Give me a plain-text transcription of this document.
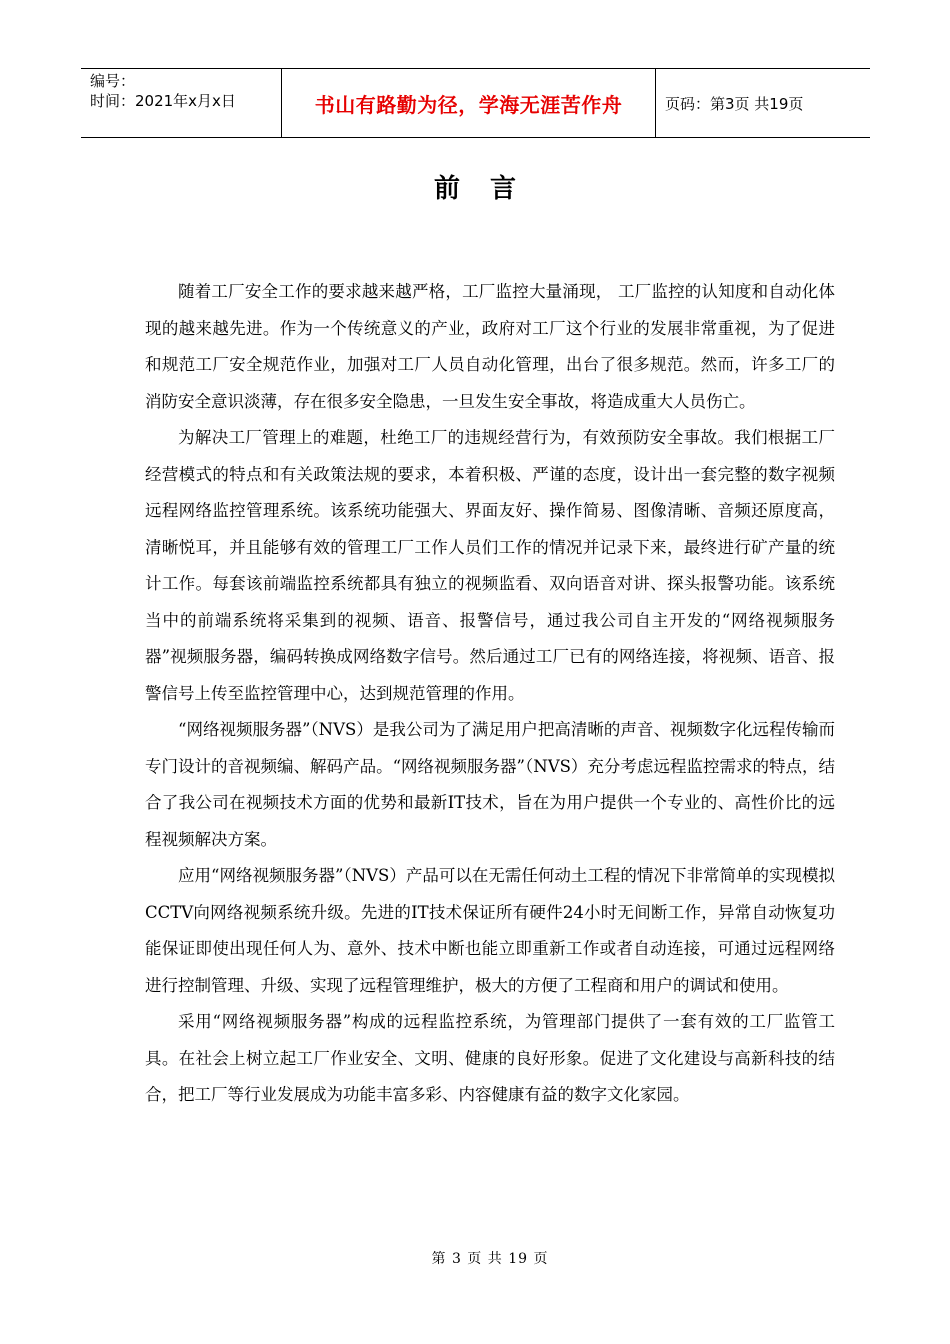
编号：
时间：2021年x月x日	书山有路勤为径，学海无涯苦作舟	页码：第3页 共19页
前言

随着工厂安全工作的要求越来越严格，工厂监控大量涌现， 工厂监控的认知度和自动化体现的越来越先进。作为一个传统意义的产业，政府对工厂这个行业的发展非常重视，为了促进和规范工厂安全规范作业，加强对工厂人员自动化管理，出台了很多规范。然而，许多工厂的消防安全意识淡薄，存在很多安全隐患，一旦发生安全事故，将造成重大人员伤亡。

为解决工厂管理上的难题，杜绝工厂的违规经营行为，有效预防安全事故。我们根据工厂经营模式的特点和有关政策法规的要求，本着积极、严谨的态度，设计出一套完整的数字视频远程网络监控管理系统。该系统功能强大、界面友好、操作简易、图像清晰、音频还原度高，清晰悦耳，并且能够有效的管理工厂工作人员们工作的情况并记录下来，最终进行矿产量的统计工作。每套该前端监控系统都具有独立的视频监看、双向语音对讲、探头报警功能。该系统当中的前端系统将采集到的视频、语音、报警信号，通过我公司自主开发的“网络视频服务器”视频服务器，编码转换成网络数字信号。然后通过工厂已有的网络连接，将视频、语音、报警信号上传至监控管理中心，达到规范管理的作用。

“网络视频服务器”（NVS）是我公司为了满足用户把高清晰的声音、视频数字化远程传输而专门设计的音视频编、解码产品。“网络视频服务器”（NVS）充分考虑远程监控需求的特点，结合了我公司在视频技术方面的优势和最新IT技术，旨在为用户提供一个专业的、高性价比的远程视频解决方案。

应用“网络视频服务器”（NVS）产品可以在无需任何动土工程的情况下非常简单的实现模拟CCTV向网络视频系统升级。先进的IT技术保证所有硬件24小时无间断工作，异常自动恢复功能保证即使出现任何人为、意外、技术中断也能立即重新工作或者自动连接，可通过远程网络进行控制管理、升级、实现了远程管理维护，极大的方便了工程商和用户的调试和使用。

采用“网络视频服务器”构成的远程监控系统，为管理部门提供了一套有效的工厂监管工具。在社会上树立起工厂作业安全、文明、健康的良好形象。促进了文化建设与高新科技的结合，把工厂等行业发展成为功能丰富多彩、内容健康有益的数字文化家园。

第 3 页 共 19 页
